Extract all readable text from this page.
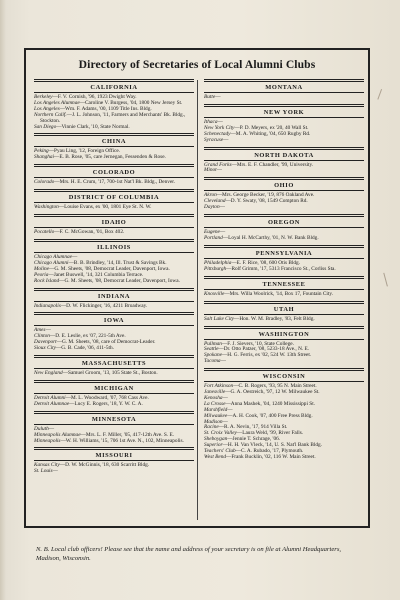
Directory of Secretaries of Local Alumni Clubs
CALIFORNIA

Berkeley—F. V. Cornish, '96, 1923 Dwight Way.

Los Angeles Alumnae—Caroline V. Burgess, '04, 1800 New Jersey St.

Los Angeles—Wm. F. Adams, '00, 1109 Title Ins. Bldg.

Northern Calif.—J. L. Johnson, '11, Farmers and Merchants' Bk. Bldg., Stockton.

San Diego—Vinnie Clark, '10, State Normal.

CHINA

Peking—Pyau Ling, '12, Foreign Office.

Shanghai—E. B. Rose, '05, care Jernegan, Fessenden & Rose.

COLORADO

Colorado—Mrs. H. E. Crum, '17, 700-1st Nat'l Bk. Bldg., Denver.

DISTRICT OF COLUMBIA

Washington—Louise Evans, ex '00, 1801 Eye St. N. W.

IDAHO

Pocatello—F. C. McGowan, '01, Box 402.

ILLINOIS

Chicago Alumnae—

Chicago Alumni—B. B. Brindley, '14, Ill. Trust & Savings Bk.

Moline—G. M. Sheets, '08, Democrat Leader, Davenport, Iowa.

Peoria—Janet Buswell, '14, 321 Columbia Terrace.

Rock Island—G. M. Sheets, '08, Democrat Leader, Davenport, Iowa.

INDIANA

Indianapolis—D. W. Flickinger, '16, 4211 Broadway.

IOWA

Ames—

Clinton—D. E. Leslie, ex '07, 221-5th Ave.

Davenport—G. M. Sheets, '08, care of Democrat-Leader.

Sioux City—G. B. Cade, '06, 411-5th.

MASSACHUSETTS

New England—Samuel Groom, '13, 105 State St., Boston.

MICHIGAN

Detroit Alumni—M. L. Woodward, '07, 768 Cass Ave.

Detroit Alumnae—Lucy E. Rogers, '18, Y. W. C. A.

MINNESOTA

Duluth—

Minneapolis Alumnae—Mrs. L. F. Miller, '05, 417-12th Ave. S. E.

Minneapolis—W. H. Williams, '15, 706 1st Ave. N., 102, Minneapolis.

MISSOURI

Kansas City—D. W. McGinnis, '18, 630 Scarritt Bldg.

St. Louis—

MONTANA

Butte—

NEW YORK

Ithaca—

New York City—P. D. Meyers, ex '20, 40 Wall St.

Schenectady—M. A. Whiting, '04, 650 Rugby Rd.

Syracuse—

NORTH DAKOTA

Grand Forks—Mrs. E. F. Chandler, '99, University.

Minot—

OHIO

Akron—Mrs. George Becker, '19, 876 Oakland Ave.

Cleveland—D. Y. Swaty, '08, 1549 Compton Rd.

Dayton—

OREGON

Eugene—

Portland—Loyal H. McCarthy, '01, N. W. Bank Bldg.

PENNSYLVANIA

Philadelphia—E. F. Rice, '08, 600 Otis Bldg.

Pittsburgh—Rolf Grimm, '17, 5313 Francisco St., Corliss Sta.

TENNESSEE

Knoxville—Mrs. Willa Woolrick, '14, Box 17, Fountain City.

UTAH

Salt Lake City—Hon. W. M. Bradley, '83, Felt Bldg.

WASHINGTON

Pullman—F. J. Sievers, '10, State College.

Seattle—Dr. Otto Patzer, '08, 5233-18 Ave., N. E.

Spokane—H. G. Ferris, ex '02, 524 W. 13th Street.

Tacoma—

WISCONSIN

Fort Atkinson—C. B. Rogers, '93, 95 N. Main Street.

Janesville—G. A. Oestreich, '97, 12 W. Milwaukee St.

Kenosha—

La Crosse—Anna Mashek, '04, 1240 Mississippi St.

Marshfield—

Milwaukee—A. H. Cook, '07, 400 Free Press Bldg.

Madison—

Racine—R. A. Nevin, '17, 914 Villa St.

St. Croix Valley—Laura Weld, '99, River Falls.

Sheboygan—Jennie T. Schrage, '06.

Superior—H. H. Van Vleck, '14, U. S. Nat'l Bank Bldg.

Teachers' Club—C. A. Rubado, '17, Plymouth.

West Bend—Frank Bucklin, '02, 116 W. Main Street.

N. B. Local club officers! Please see that the name and address of your secretary is on file at Alumni Headquarters, Madison, Wisconsin.
